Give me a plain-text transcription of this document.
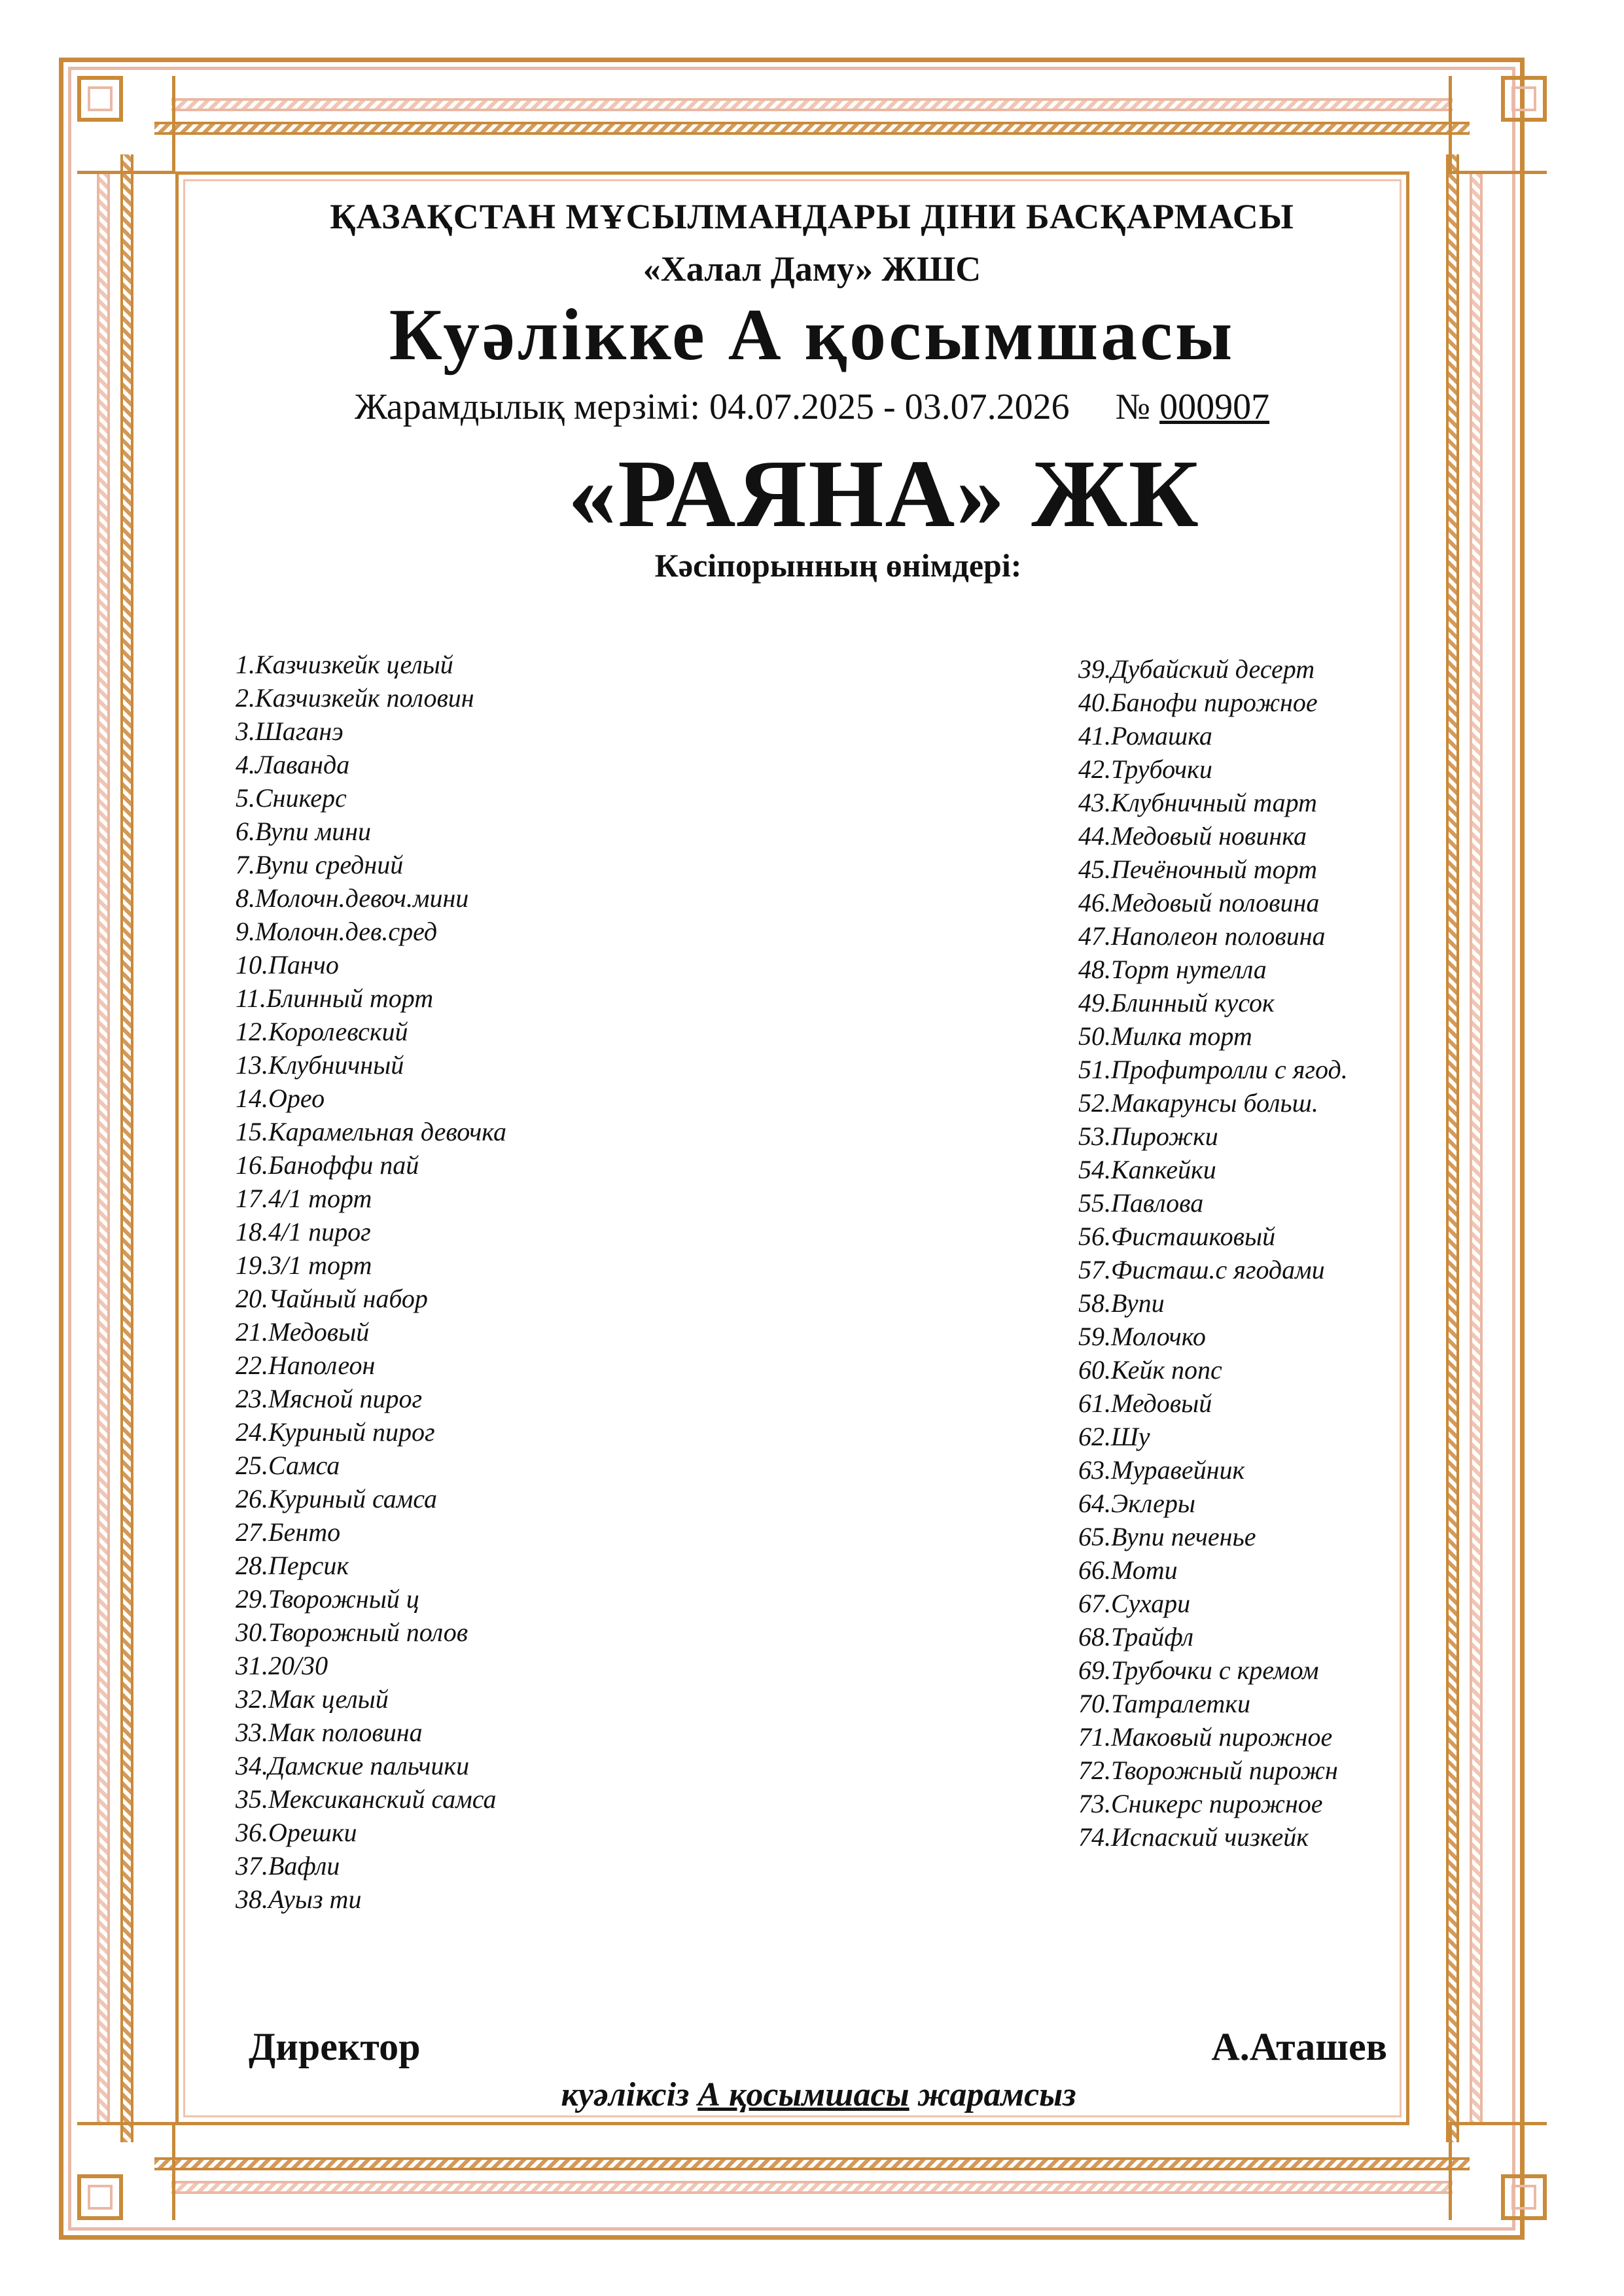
ҚАЗАҚСТАН МҰСЫЛМАНДАРЫ ДІНИ БАСҚАРМАСЫ
«Халал Даму» ЖШС
Куәлікке А қосымшасы
Жарамдылық мерзімі: 04.07.2025 - 03.07.2026 № 000907
«РАЯНА» ЖК
Кәсіпорынның өнімдері:
1.Казчизкейк целый
2.Казчизкейк половин
3.Шаганэ
4.Лаванда
5.Сникерс
6.Вупи мини
7.Вупи средний
8.Молочн.девоч.мини
9.Молочн.дев.сред
10.Панчо
11.Блинный торт
12.Королевский
13.Клубничный
14.Орео
15.Карамельная девочка
16.Баноффи пай
17.4/1 торт
18.4/1 пирог
19.3/1 торт
20.Чайный набор
21.Медовый
22.Наполеон
23.Мясной пирог
24.Куриный пирог
25.Самса
26.Куриный самса
27.Бенто
28.Персик
29.Творожный ц
30.Творожный полов
31.20/30
32.Мак целый
33.Мак половина
34.Дамские пальчики
35.Мексиканский самса
36.Орешки
37.Вафли
38.Ауыз ти
39.Дубайский десерт
40.Банофи пирожное
41.Ромашка
42.Трубочки
43.Клубничный тарт
44.Медовый новинка
45.Печёночный торт
46.Медовый половина
47.Наполеон половина
48.Торт нутелла
49.Блинный кусок
50.Милка торт
51.Профитролли с ягод.
52.Макарунсы больш.
53.Пирожки
54.Капкейки
55.Павлова
56.Фисташковый
57.Фисташ.с ягодами
58.Вупи
59.Молочко
60.Кейк попс
61.Медовый
62.Шу
63.Муравейник
64.Эклеры
65.Вупи печенье
66.Моти
67.Сухари
68.Трайфл
69.Трубочки с кремом
70.Татралетки
71.Маковый пирожное
72.Творожный пирожн
73.Сникерс пирожное
74.Испаский чизкейк
Директор	А.Аташев
куәліксіз А қосымшасы жарамсыз
